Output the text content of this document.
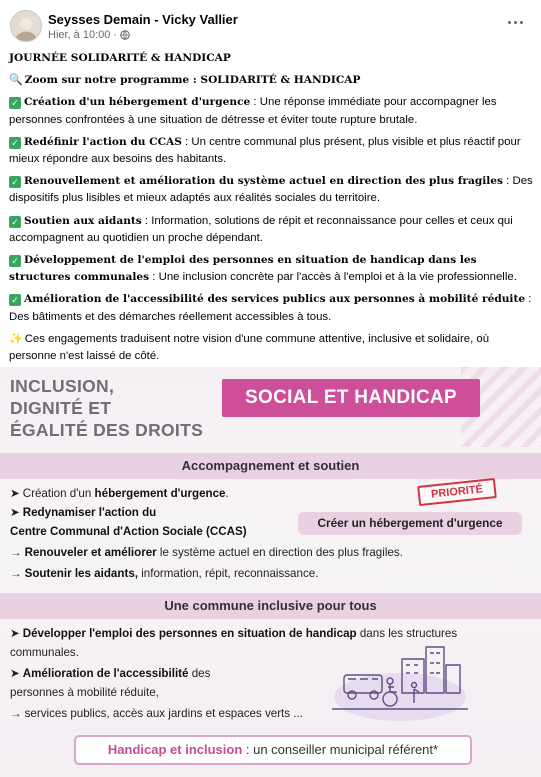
Seysses Demain - Vicky Vallier
Hier, à 10:00 ·

JOURNÉE SOLIDARITÉ & HANDICAP

🔍 Zoom sur notre programme : SOLIDARITÉ & HANDICAP

✓ Création d'un hébergement d'urgence : Une réponse immédiate pour accompagner les personnes confrontées à une situation de détresse et éviter toute rupture brutale.

✓ Redéfinir l'action du CCAS : Un centre communal plus présent, plus visible et plus réactif pour mieux répondre aux besoins des habitants.

✓ Renouvellement et amélioration du système actuel en direction des plus fragiles : Des dispositifs plus lisibles et mieux adaptés aux réalités sociales du territoire.

✓ Soutien aux aidants : Information, solutions de répit et reconnaissance pour celles et ceux qui accompagnent au quotidien un proche dépendant.

✓ Développement de l'emploi des personnes en situation de handicap dans les structures communales : Une inclusion concrète par l'accès à l'emploi et à la vie professionnelle.

✓ Amélioration de l'accessibilité des services publics aux personnes à mobilité réduite : Des bâtiments et des démarches réellement accessibles à tous.

✨ Ces engagements traduisent notre vision d'une commune attentive, inclusive et solidaire, où personne n'est laissé de côté.

INCLUSION,
DIGNITÉ ET
ÉGALITÉ DES DROITS
SOCIAL ET HANDICAP
Accompagnement et soutien
➤ Création d'un hébergement d'urgence.
➤ Redynamiser l'action du
Centre Communal d'Action Sociale (CCAS)
→ Renouveler et améliorer le système actuel en direction des plus fragiles.
→ Soutenir les aidants, information, répit, reconnaissance.
PRIORITÉ
Créer un hébergement d'urgence
Une commune inclusive pour tous
➤ Développer l'emploi des personnes en situation de handicap dans les structures
communales.
➤ Amélioration de l'accessibilité des
personnes à mobilité réduite,
→ services publics, accès aux jardins et espaces verts ...
Handicap et inclusion : un conseiller municipal référent*
